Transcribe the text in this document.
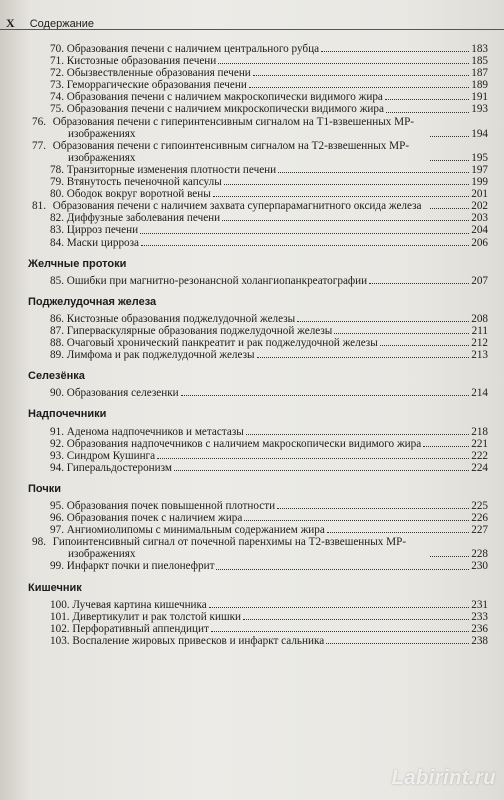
X Содержание
70. Образования печени с наличием центрального рубца	183
71. Кистозные образования печени	185
72. Обызвествленные образования печени	187
73. Геморрагические образования печени	189
74. Образования печени с наличием макроскопически видимого жира	191
75. Образования печени с наличием микроскопически видимого жира	193
76. Образования печени с гиперинтенсивным сигналом на Т1-взвешенных МР-изображениях	194
77. Образования печени с гипоинтенсивным сигналом на Т2-взвешенных МР-изображениях	195
78. Транзиторные изменения плотности печени	197
79. Втянутость печеночной капсулы	199
80. Ободок вокруг воротной вены	201
81. Образования печени с наличием захвата суперпарамагнитного оксида железа	202
82. Диффузные заболевания печени	203
83. Цирроз печени	204
84. Маски цирроза	206
Желчные протоки
85. Ошибки при магнитно-резонансной холангиопанкреатографии	207
Поджелудочная железа
86. Кистозные образования поджелудочной железы	208
87. Гиперваскулярные образования поджелудочной железы	211
88. Очаговый хронический панкреатит и рак поджелудочной железы	212
89. Лимфома и рак поджелудочной железы	213
Селезёнка
90. Образования селезенки	214
Надпочечники
91. Аденома надпочечников и метастазы	218
92. Образования надпочечников с наличием макроскопически видимого жира	221
93. Синдром Кушинга	222
94. Гиперальдостеронизм	224
Почки
95. Образования почек повышенной плотности	225
96. Образования почек с наличием жира	226
97. Ангиомиолипомы с минимальным содержанием жира	227
98. Гипоинтенсивный сигнал от почечной паренхимы на Т2-взвешенных МР-изображениях	228
99. Инфаркт почки и пиелонефрит	230
Кишечник
100. Лучевая картина кишечника	231
101. Дивертикулит и рак толстой кишки	233
102. Перфоративный аппендицит	236
103. Воспаление жировых привесков и инфаркт сальника	238
Labirint.ru
